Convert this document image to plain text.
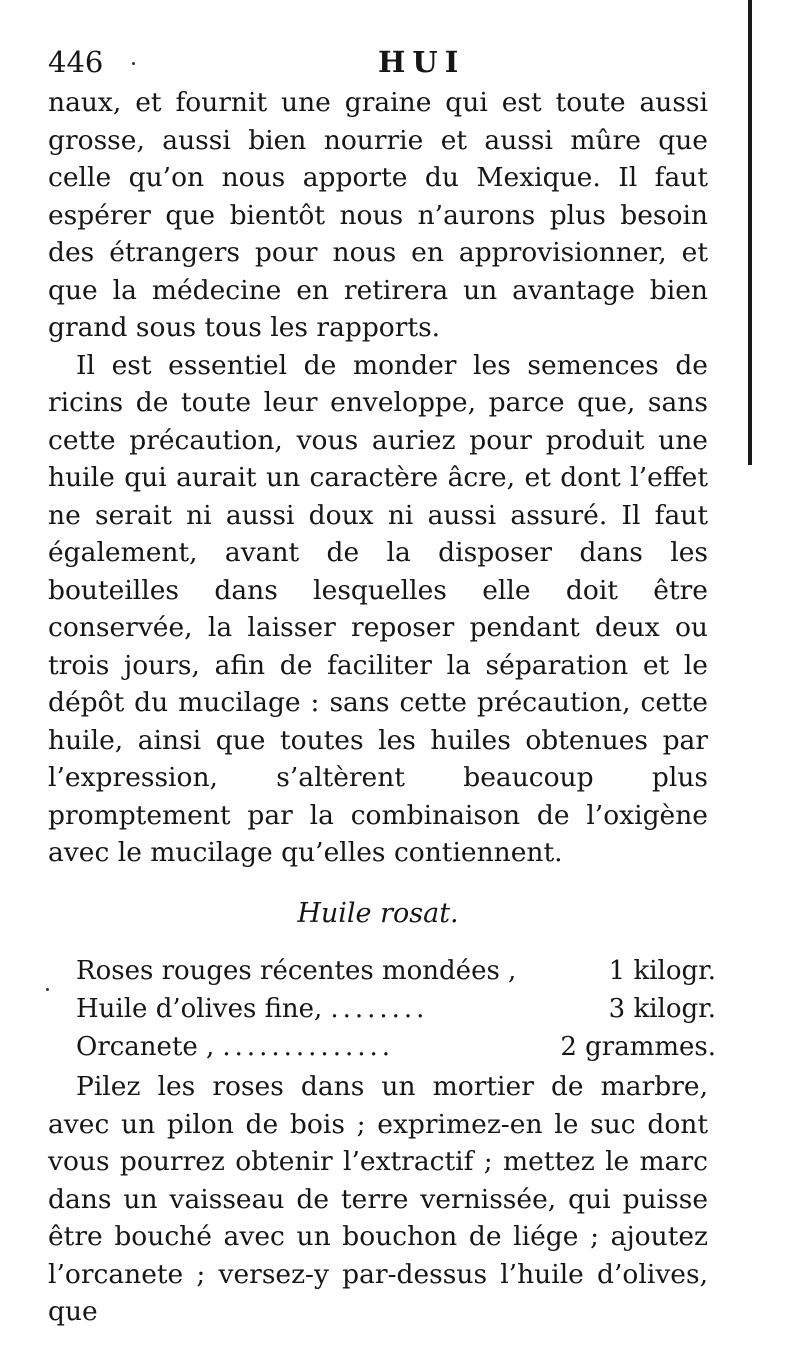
446	HUI

naux, et fournit une graine qui est toute aussi grosse, aussi bien nourrie et aussi mûre que celle qu’on nous apporte du Mexique. Il faut espérer que bientôt nous n’aurons plus besoin des étrangers pour nous en approvisionner, et que la médecine en retirera un avantage bien grand sous tous les rapports.

Il est essentiel de monder les semences de ricins de toute leur enveloppe, parce que, sans cette précaution, vous auriez pour produit une huile qui aurait un caractère âcre, et dont l’effet ne serait ni aussi doux ni aussi assuré. Il faut également, avant de la disposer dans les bouteilles dans lesquelles elle doit être conservée, la laisser reposer pendant deux ou trois jours, afin de faciliter la séparation et le dépôt du mucilage : sans cette précaution, cette huile, ainsi que toutes les huiles obtenues par l’expression, s’altèrent beaucoup plus promptement par la combinaison de l’oxigène avec le mucilage qu’elles contiennent.

Huile rosat.
Roses rouges récentes mondées ,	1 kilogr.
Huile d’olives fine, ........	3 kilogr.
Orcanete , ..............	2 grammes.

Pilez les roses dans un mortier de marbre, avec un pilon de bois ; exprimez-en le suc dont vous pourrez obtenir l’extractif ; mettez le marc dans un vaisseau de terre vernissée, qui puisse être bouché avec un bouchon de liége ; ajoutez l’orcanete ; versez-y par-dessus l’huile d’olives, que
